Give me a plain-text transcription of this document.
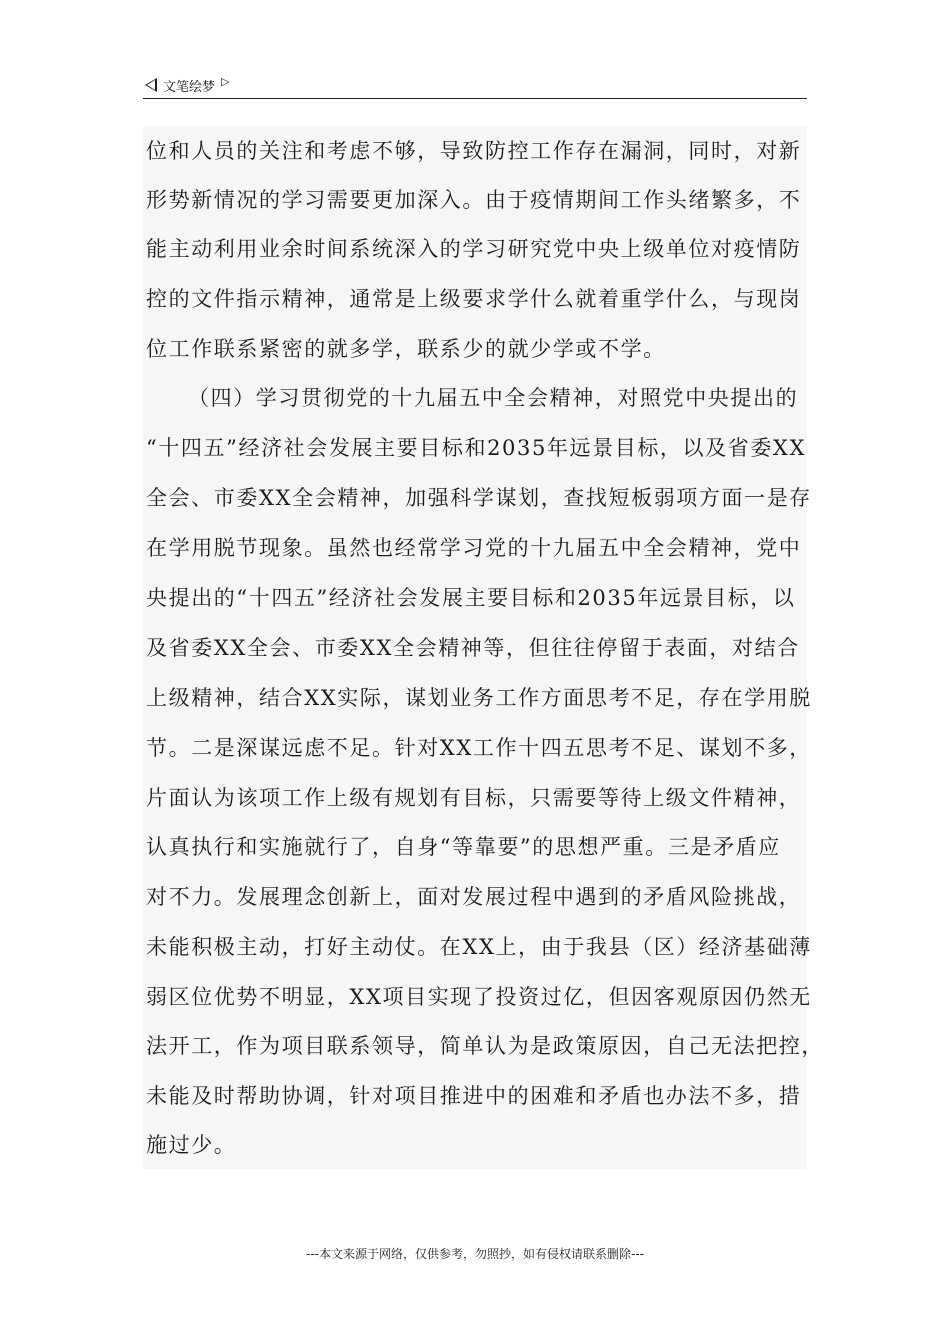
文笔绘梦 ▷
位和人员的关注和考虑不够，导致防控工作存在漏洞，同时，对新
形势新情况的学习需要更加深入。由于疫情期间工作头绪繁多，不
能主动利用业余时间系统深入的学习研究党中央上级单位对疫情防
控的文件指示精神，通常是上级要求学什么就着重学什么，与现岗
位工作联系紧密的就多学，联系少的就少学或不学。
（四）学习贯彻党的十九届五中全会精神，对照党中央提出的
“十四五”经济社会发展主要目标和2035年远景目标，以及省委XX
全会、市委XX全会精神，加强科学谋划，查找短板弱项方面一是存
在学用脱节现象。虽然也经常学习党的十九届五中全会精神，党中
央提出的“十四五”经济社会发展主要目标和2035年远景目标，以
及省委XX全会、市委XX全会精神等，但往往停留于表面，对结合
上级精神，结合XX实际，谋划业务工作方面思考不足，存在学用脱
节。二是深谋远虑不足。针对XX工作十四五思考不足、谋划不多，
片面认为该项工作上级有规划有目标，只需要等待上级文件精神，
认真执行和实施就行了，自身“等靠要”的思想严重。三是矛盾应
对不力。发展理念创新上，面对发展过程中遇到的矛盾风险挑战，
未能积极主动，打好主动仗。在XX上，由于我县（区）经济基础薄
弱区位优势不明显，XX项目实现了投资过亿，但因客观原因仍然无
法开工，作为项目联系领导，简单认为是政策原因，自己无法把控，
未能及时帮助协调，针对项目推进中的困难和矛盾也办法不多，措
施过少。
---本文来源于网络，仅供参考，勿照抄，如有侵权请联系删除---
